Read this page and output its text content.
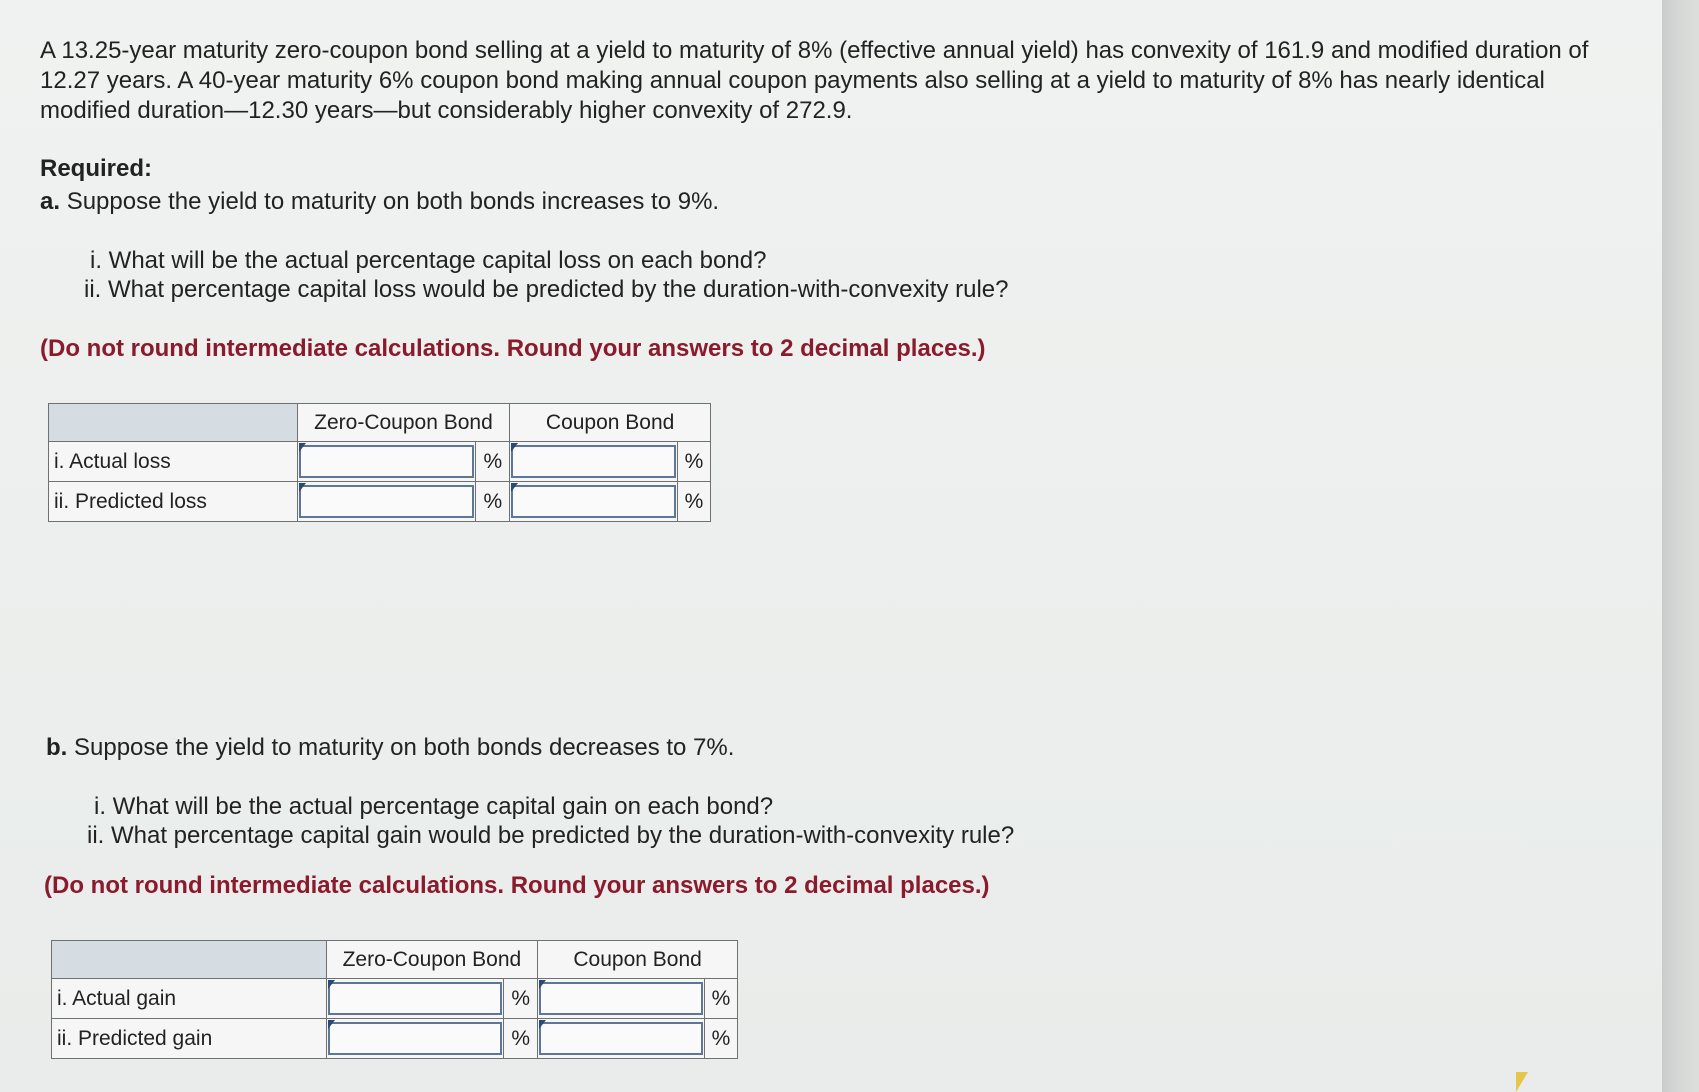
A 13.25-year maturity zero-coupon bond selling at a yield to maturity of 8% (effective annual yield) has convexity of 161.9 and modified duration of 12.27 years. A 40-year maturity 6% coupon bond making annual coupon payments also selling at a yield to maturity of 8% has nearly identical modified duration—12.30 years—but considerably higher convexity of 272.9.

Required:

a. Suppose the yield to maturity on both bonds increases to 9%.

i. What will be the actual percentage capital loss on each bond?

ii. What percentage capital loss would be predicted by the duration-with-convexity rule?

(Do not round intermediate calculations. Round your answers to 2 decimal places.)

	Zero-Coupon Bond		Coupon Bond	
i. Actual loss		%		%
ii. Predicted loss		%		%

b. Suppose the yield to maturity on both bonds decreases to 7%.

i. What will be the actual percentage capital gain on each bond?

ii. What percentage capital gain would be predicted by the duration-with-convexity rule?

(Do not round intermediate calculations. Round your answers to 2 decimal places.)

	Zero-Coupon Bond		Coupon Bond	
i. Actual gain		%		%
ii. Predicted gain		%		%
